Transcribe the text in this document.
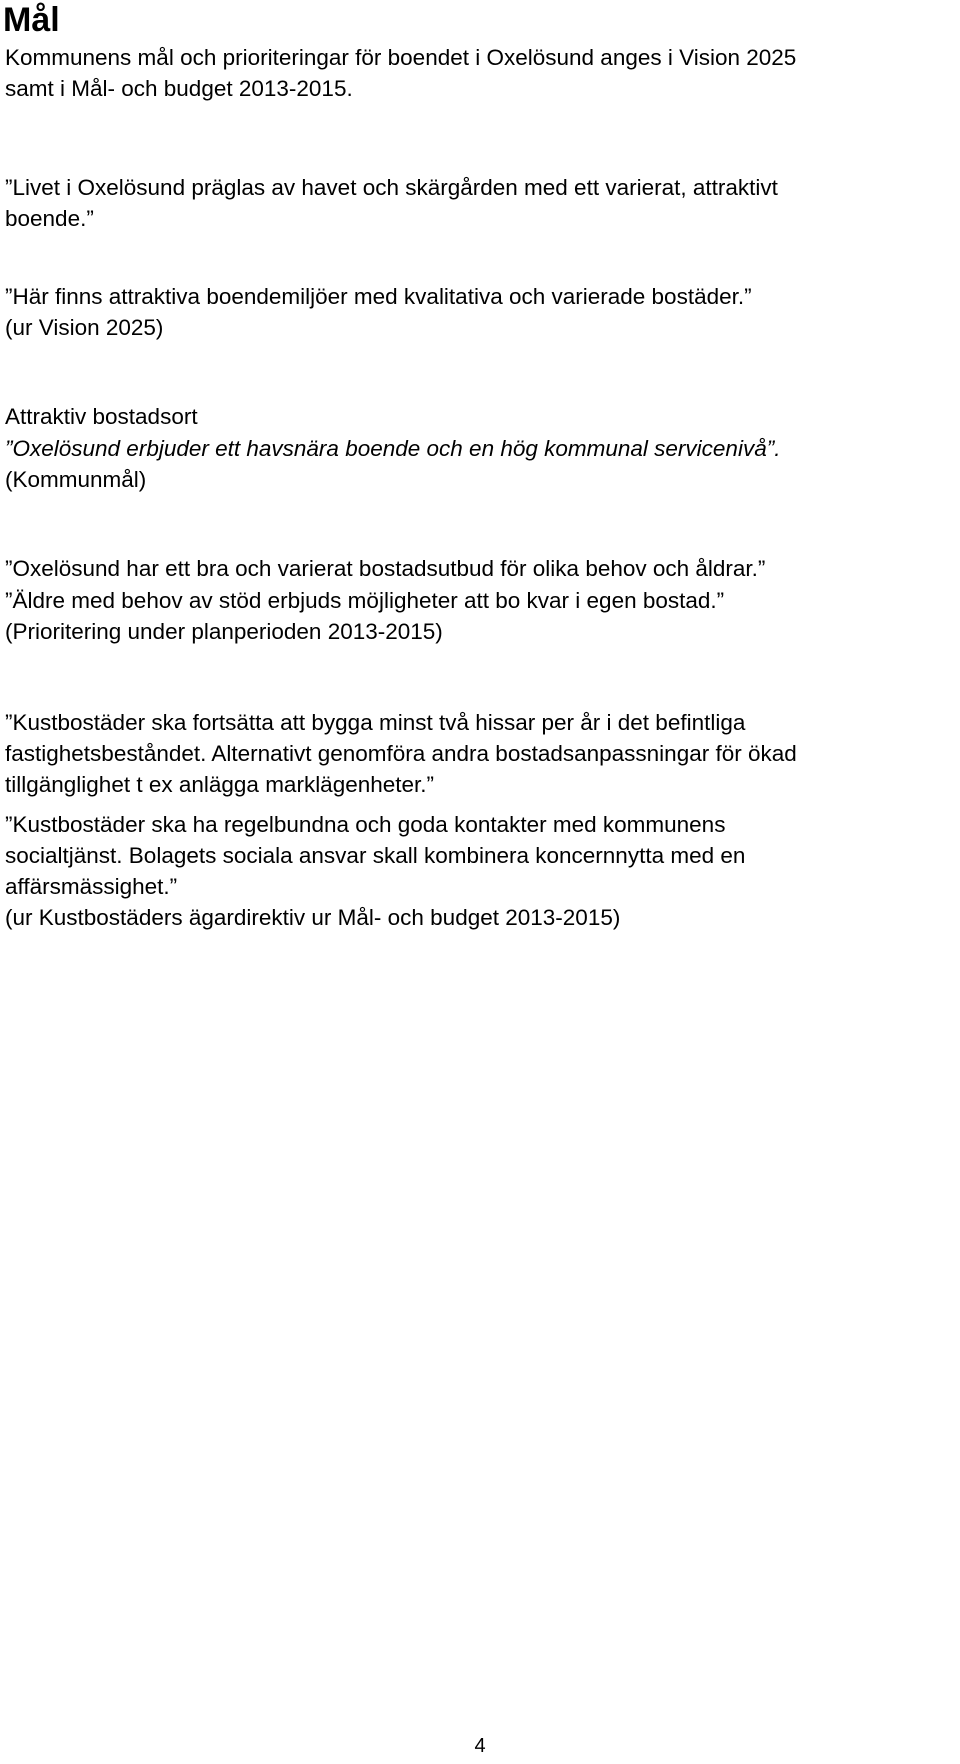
Mål

Kommunens mål och prioriteringar för boendet i Oxelösund anges i Vision 2025

samt i Mål- och budget 2013-2015.

”Livet i Oxelösund präglas av havet och skärgården med ett varierat, attraktivt

boende.”

”Här finns attraktiva boendemiljöer med kvalitativa och varierade bostäder.”

(ur Vision 2025)

Attraktiv bostadsort

”Oxelösund erbjuder ett havsnära boende och en hög kommunal servicenivå”.

(Kommunmål)

”Oxelösund har ett bra och varierat bostadsutbud för olika behov och åldrar.”

”Äldre med behov av stöd erbjuds möjligheter att bo kvar i egen bostad.”

(Prioritering under planperioden 2013-2015)

”Kustbostäder ska fortsätta att bygga minst två hissar per år i det befintliga

fastighetsbeståndet. Alternativt genomföra andra bostadsanpassningar för ökad

tillgänglighet t ex anlägga marklägenheter.”

”Kustbostäder ska ha regelbundna och goda kontakter med kommunens

socialtjänst. Bolagets sociala ansvar skall kombinera koncernnytta med en

affärsmässighet.”

(ur Kustbostäders ägardirektiv ur Mål- och budget 2013-2015)

4
